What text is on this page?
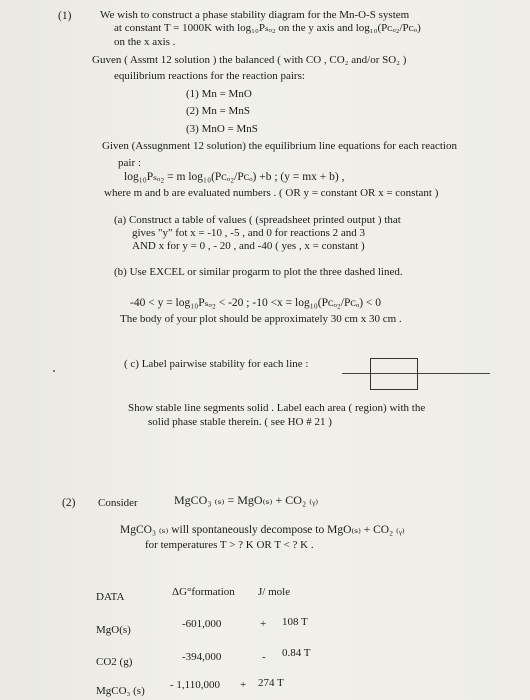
(1)	We wish to construct a phase stability diagram for the Mn-O-S system
at constant T = 1000K with log₁₀Pₛₒ₂ on the y axis and log₁₀(Pᴄₒ₂/Pᴄₒ)
on the x axis .
Guven ( Assmt 12 solution ) the balanced ( with CO , CO₂ and/or SO₂ )
equilibrium reactions for the reaction pairs:
(1) Mn = MnO
(2) Mn = MnS
(3) MnO = MnS
Given (Assugnment 12 solution) the equilibrium line equations for each reaction
pair :
log₁₀Pₛₒ₂ = m log₁₀(Pᴄₒ₂/Pᴄₒ) +b ; (y = mx + b) ,
where m and b are evaluated numbers . ( OR y = constant OR x = constant )
(a) Construct a table of values ( (spreadsheet printed output ) that
gives "y" fot x = -10 , -5 , and 0 for reactions 2 and 3
AND x for y = 0 , - 20 , and -40 ( yes , x = constant )
(b) Use EXCEL or similar progarm to plot the three dashed lined.
-40 < y = log₁₀Pₛₒ₂ < -20 ; -10 <x = log₁₀(Pᴄₒ₂/Pᴄₒ) < 0
The body of your plot should be approximately 30 cm x 30 cm .
( c) Label pairwise stability for each line :
Show stable line segments solid . Label each area ( region) with the
solid phase stable therein. ( see HO # 21 )
(2) Consider	MgCO₃ ₍ₛ₎ = MgO₍ₛ₎ + CO₂ ₍ᵧ₎
MgCO₃ ₍ₛ₎ will spontaneously decompose to MgO₍ₛ₎ + CO₂ ₍ᵧ₎
for temperatures T > ? K OR T < ? K .
DATA	ΔG°formation J/ mole
MgO(s)	-601,000	+ 108 T
CO2 (g)	-394,000	- 0.84 T
MgCO₃ (s) - 1,110,000 + 274 T
